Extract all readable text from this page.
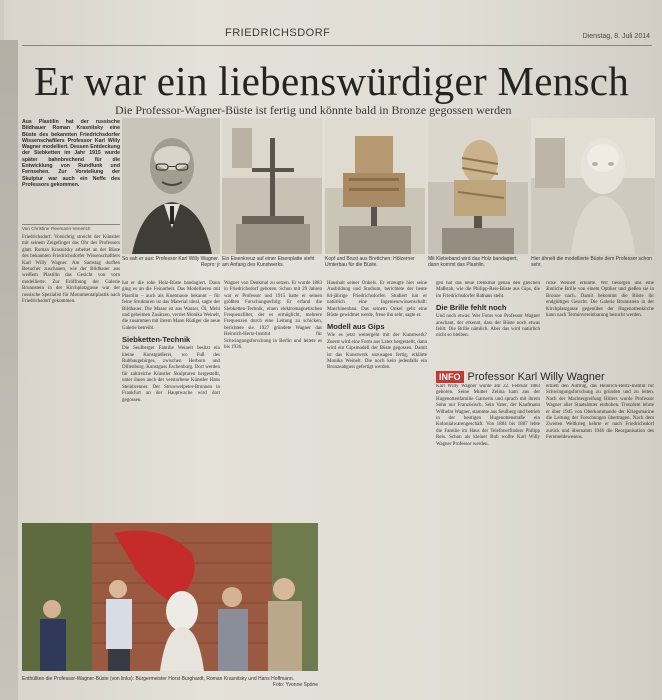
FRIEDRICHSDORF	Dienstag, 8. Juli 2014
Er war ein liebenswürdiger Mensch
Die Professor-Wagner-Büste ist fertig und könnte bald in Bronze gegossen werden
Aus Plastilin hat der russische Bildhauer Roman Krasnitsky eine Büste des bekannten Friedrichsdorfer Wissenschaftlers Professor Karl Willy Wagner modelliert. Dessen Entdeckung der Siebketten im Jahr 1915 wurde später bahnbrechend für die Entwicklung von Rundfunk und Fernsehen. Zur Vorstellung der Skulptur war auch ein Neffe des Professors gekommen.
Von Christine Fleemann-Venerich
Friedrichsdorf. Vorsichtig streicht der Künstler mit seinem Zeigefinger das Ohr des Professors glatt. Roman Krasnitsky arbeitet an der Büste des bekannten Friedrichsdorfer Wissenschaftlers Karl Willy Wagner. Am Samstag durften Besucher zuschauen, wie der Bildhauer aus weißem Plastilin das Gesicht von vorn modellierte. Zur Eröffnung der Galerie Brunnstein in der Kirchplatzgasse war der russische Spezialist für Monumentalplastik nach Friedrichsdorf gekommen.
So sah er aus: Professor Karl Willy Wagner.
Repro: jr
Ein Eisenkreuz auf einer Eisenplatte steht am Anfang des Kunstwerks.
Kopf und Brust aus Brettchen: Hölzerner Umterbau für die Büste.
Mit Klebeband wird das Holz bandagiert, dann kommt das Plastilin.
Hier ähnelt die modellierte Büste dem Professor schon sehr.
hat er die rohe Holz-Büste bandagiert. Dann ging es an die Feinarbeit. Das Modellieren mit Plastilin – auch als Knetmasse bekannt – für feine Strukturen ist das Material ideal, sagte der Bildhauer. Die Masse ist aus Wasser, Öl, Mehl und geheimen Zusätzen, verriet Monika Weinelt, die zusammen mit ihrem Mann Rüdiger die neue Galerie betreibt.
Siebketten-Technik
Die Seulberger Familie Weinelt besitzt ein kleine Kunstgießerei, wo Fuß des Ruhbaugebirges, zwischen Herborn und Dillenburg. Kunstguss Eschenburg. Dort werden für zahlreiche Künstler Skulpturen hergestellt, unter ihnen auch der verstorbene Künstler Hans Steinbrenner. Der Struwwelpeter-Brunnen in Frankfurt an der Hauptwache wird dort gegossen.
Wagner von Denkmal zu setzen. Er wurde 1883 in Friedrichsdorf geboren. Schon mit 29 Jahren war er Professor und 1915 hatte er seinen größten Forschungserfolg: Er erfand die Siebketten-Technik, einen elektromagnetischen Frequenzfilter, der es ermöglicht, mehrere Frequenzen durch eine Leitung zu schicken, berichtete sie. 1927 gründete Wagner das Heinrich-Hertz-Institut für Schwingungsforschung in Berlin und leitete es bis 1936.
Haushalt seiner Onkels. Er erzeugte hier seine Ausbildung und Studium, berichtete der heute 84-jährige Friedrichsdorfer. Studiert hat er natürlich eine Ingenieurwissenschaft: Maschinenbau. Das seinem Onkel geht eine Büste gewidmet werde, freue ihn sehr, sagte er.
Modell aus Gips
Wie es jetzt weitergeht mit der Kunstwerk? Zuerst wird eine Form aus Latex hergestellt, dann wird ein Gipsmodell der Büste gegossen. Damit ist das Kunstwerk sozusagen fertig, erklärte Monika Weinelt. Die noch kein jedenfalls ein Bronzeabguss gefertigt werden.
gen hat das neue Denkmal genau den gleichen Maßstab, wie die Philipp-Reis-Büste aus Gips, die im Friedrichsdorfer Rathaus steht.
Die Brille fehlt noch
Und noch etwas: Wer Fotos von Professor Wagner anschaut, der erkennt, dass der Büste noch etwas fehlt: Die Brille nämlich. Aber das wird natürlich nicht so bleiben.
ricke Weinelt erklärte. Wir besorgen uns eine ähnliche Brille von einem Optiker und gießen sie in Bronze nach. Damit bekommt die Büste ihr endgültiges Gesicht. Die Galerie Brunnstein in der Kirchplatzgasse gegenüber der Hugenottenkirche kann nach Terminvereinbarung besucht werden.
INFO Professor Karl Willy Wagner
Karl Willy Wagner wurde am 22. Februar 1883 geboren. Seine Mutter Zelina kam aus der Hugenottenfamilie Garnerin und sprach mit ihrem Sohn nur Französisch. Sein Vater, der Kaufmann Wilhelm Wagner, stammte aus Seulberg und betrieb in der heutigen Hugenottenstraße ein Kolonialwarengeschäft. Von 1884 bis 1887 lebte die Familie im Haus der Telefonerfinders Philipp Reis. Schon als kleiner Bub wollte Karl Willy Wagner Professor werden.
erhielt den Auftrag, das Heinrich-Hertz-Institut für Schwingungsforschung zu gründen und zu leiten. Nach der Machtergreifung Hitlers wurde Professor Wagner aller Staatsämter enthoben. Trotzdem lehrte er über 1945 von Oberkommando der Kriegsmarine die Leitung der Forschungen übertragen. Nach dem Zweiten Weltkrieg kehrte er nach Friedrichsdorf zurück und übernahm 1946 die Reorganisation des Fernmeldewesens.
Enthüllten die Professor-Wagner-Büste (von links): Bürgermeister Horst Burghardt, Roman Krasnitsky und Hans Hoffmann.
Foto: Yvonne Spöne
